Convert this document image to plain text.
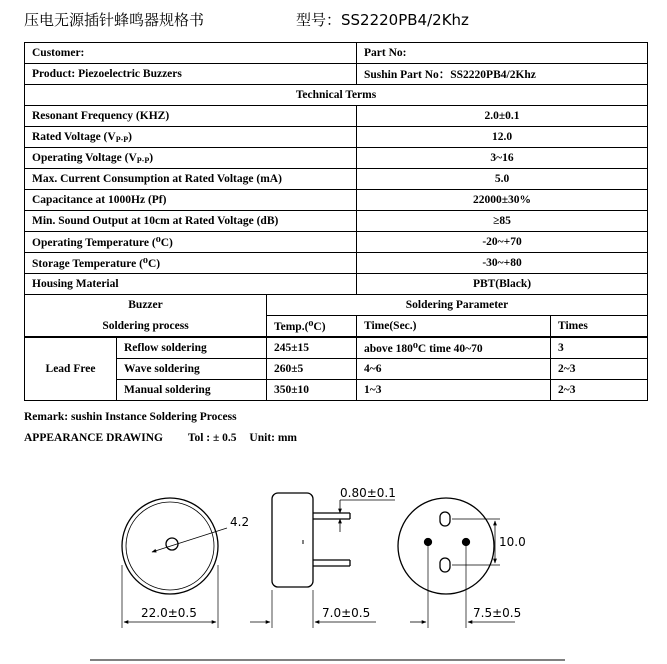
压电无源插针蜂鸣器规格书	型号：SS2220PB4/2Khz
Customer:			Part No:	
Product: Piezoelectric Buzzers			Sushin Part No：SS2220PB4/2Khz	
Technical Terms				
Resonant Frequency (KHZ)			2.0±0.1	
Rated Voltage $(V_{P-P})$			12.0	
Operating Voltage $(V_{P-P})$			3~16	
Max. Current Consumption at Rated Voltage (mA)			5.0	
Capacitance at 1000Hz (Pf)			22000±30%	
Min. Sound Output at 10cm at Rated Voltage (dB)			≥85	
Operating Temperature (⁰C)			-20~+70	
Storage Temperature (⁰C)			-30~+80	
Housing Material			PBT(Black)	
Buzzer		Soldering Parameter		
Soldering process		Temp.(⁰C)	Time(Sec.)	Times
Lead Free	Reflow soldering	245±15	above 180⁰C time 40~70	3
	Wave soldering	260±5	4~6	2~3
	Manual soldering	350±10	1~3	2~3
Remark: sushin Instance Soldering Process
APPEARANCE DRAWING Tol : ± 0.5 Unit: mm
4.2
22.0±0.5
0.80±0.1
7.0±0.5
10.0
7.5±0.5
